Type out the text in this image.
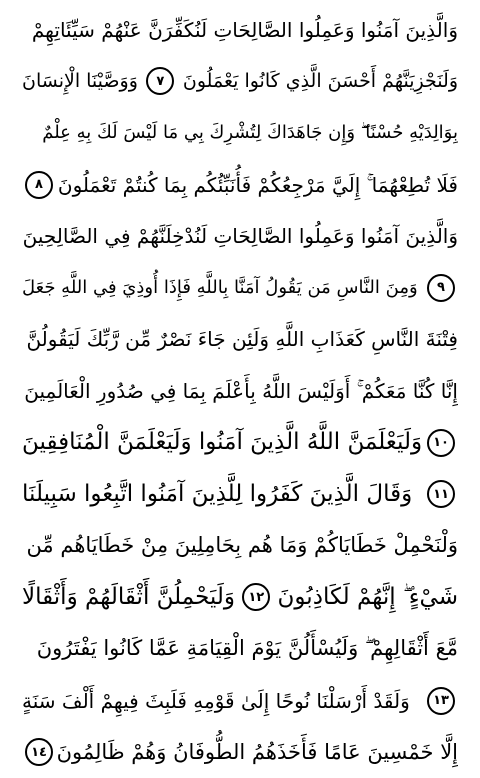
وَالَّذِينَ آمَنُوا وَعَمِلُوا الصَّالِحَاتِ لَنُكَفِّرَنَّ عَنْهُمْ سَيِّئَاتِهِمْ
وَلَنَجْزِيَنَّهُمْ أَحْسَنَ الَّذِي كَانُوا يَعْمَلُونَ
٧
وَوَصَّيْنَا الْإِنسَانَ
بِوَالِدَيْهِ حُسْنًا ۖ وَإِن جَاهَدَاكَ لِتُشْرِكَ بِي مَا لَيْسَ لَكَ بِهِ عِلْمٌ
فَلَا تُطِعْهُمَا ۚ إِلَيَّ مَرْجِعُكُمْ فَأُنَبِّئُكُم بِمَا كُنتُمْ تَعْمَلُونَ
٨
وَالَّذِينَ آمَنُوا وَعَمِلُوا الصَّالِحَاتِ لَنُدْخِلَنَّهُمْ فِي الصَّالِحِينَ
٩
وَمِنَ النَّاسِ مَن يَقُولُ آمَنَّا بِاللَّهِ فَإِذَا أُوذِيَ فِي اللَّهِ جَعَلَ
فِتْنَةَ النَّاسِ كَعَذَابِ اللَّهِ وَلَئِن جَاءَ نَصْرٌ مِّن رَّبِّكَ لَيَقُولُنَّ
إِنَّا كُنَّا مَعَكُمْ ۚ أَوَلَيْسَ اللَّهُ بِأَعْلَمَ بِمَا فِي صُدُورِ الْعَالَمِينَ
١٠
وَلَيَعْلَمَنَّ اللَّهُ الَّذِينَ آمَنُوا وَلَيَعْلَمَنَّ الْمُنَافِقِينَ
١١
وَقَالَ الَّذِينَ كَفَرُوا لِلَّذِينَ آمَنُوا اتَّبِعُوا سَبِيلَنَا
وَلْنَحْمِلْ خَطَايَاكُمْ وَمَا هُم بِحَامِلِينَ مِنْ خَطَايَاهُم مِّن
شَيْءٍ ۖ إِنَّهُمْ لَكَاذِبُونَ
١٢
وَلَيَحْمِلُنَّ أَثْقَالَهُمْ وَأَثْقَالًا
مَّعَ أَثْقَالِهِمْ ۖ وَلَيُسْأَلُنَّ يَوْمَ الْقِيَامَةِ عَمَّا كَانُوا يَفْتَرُونَ
١٣
وَلَقَدْ أَرْسَلْنَا نُوحًا إِلَىٰ قَوْمِهِ فَلَبِثَ فِيهِمْ أَلْفَ سَنَةٍ
إِلَّا خَمْسِينَ عَامًا فَأَخَذَهُمُ الطُّوفَانُ وَهُمْ ظَالِمُونَ
١٤
